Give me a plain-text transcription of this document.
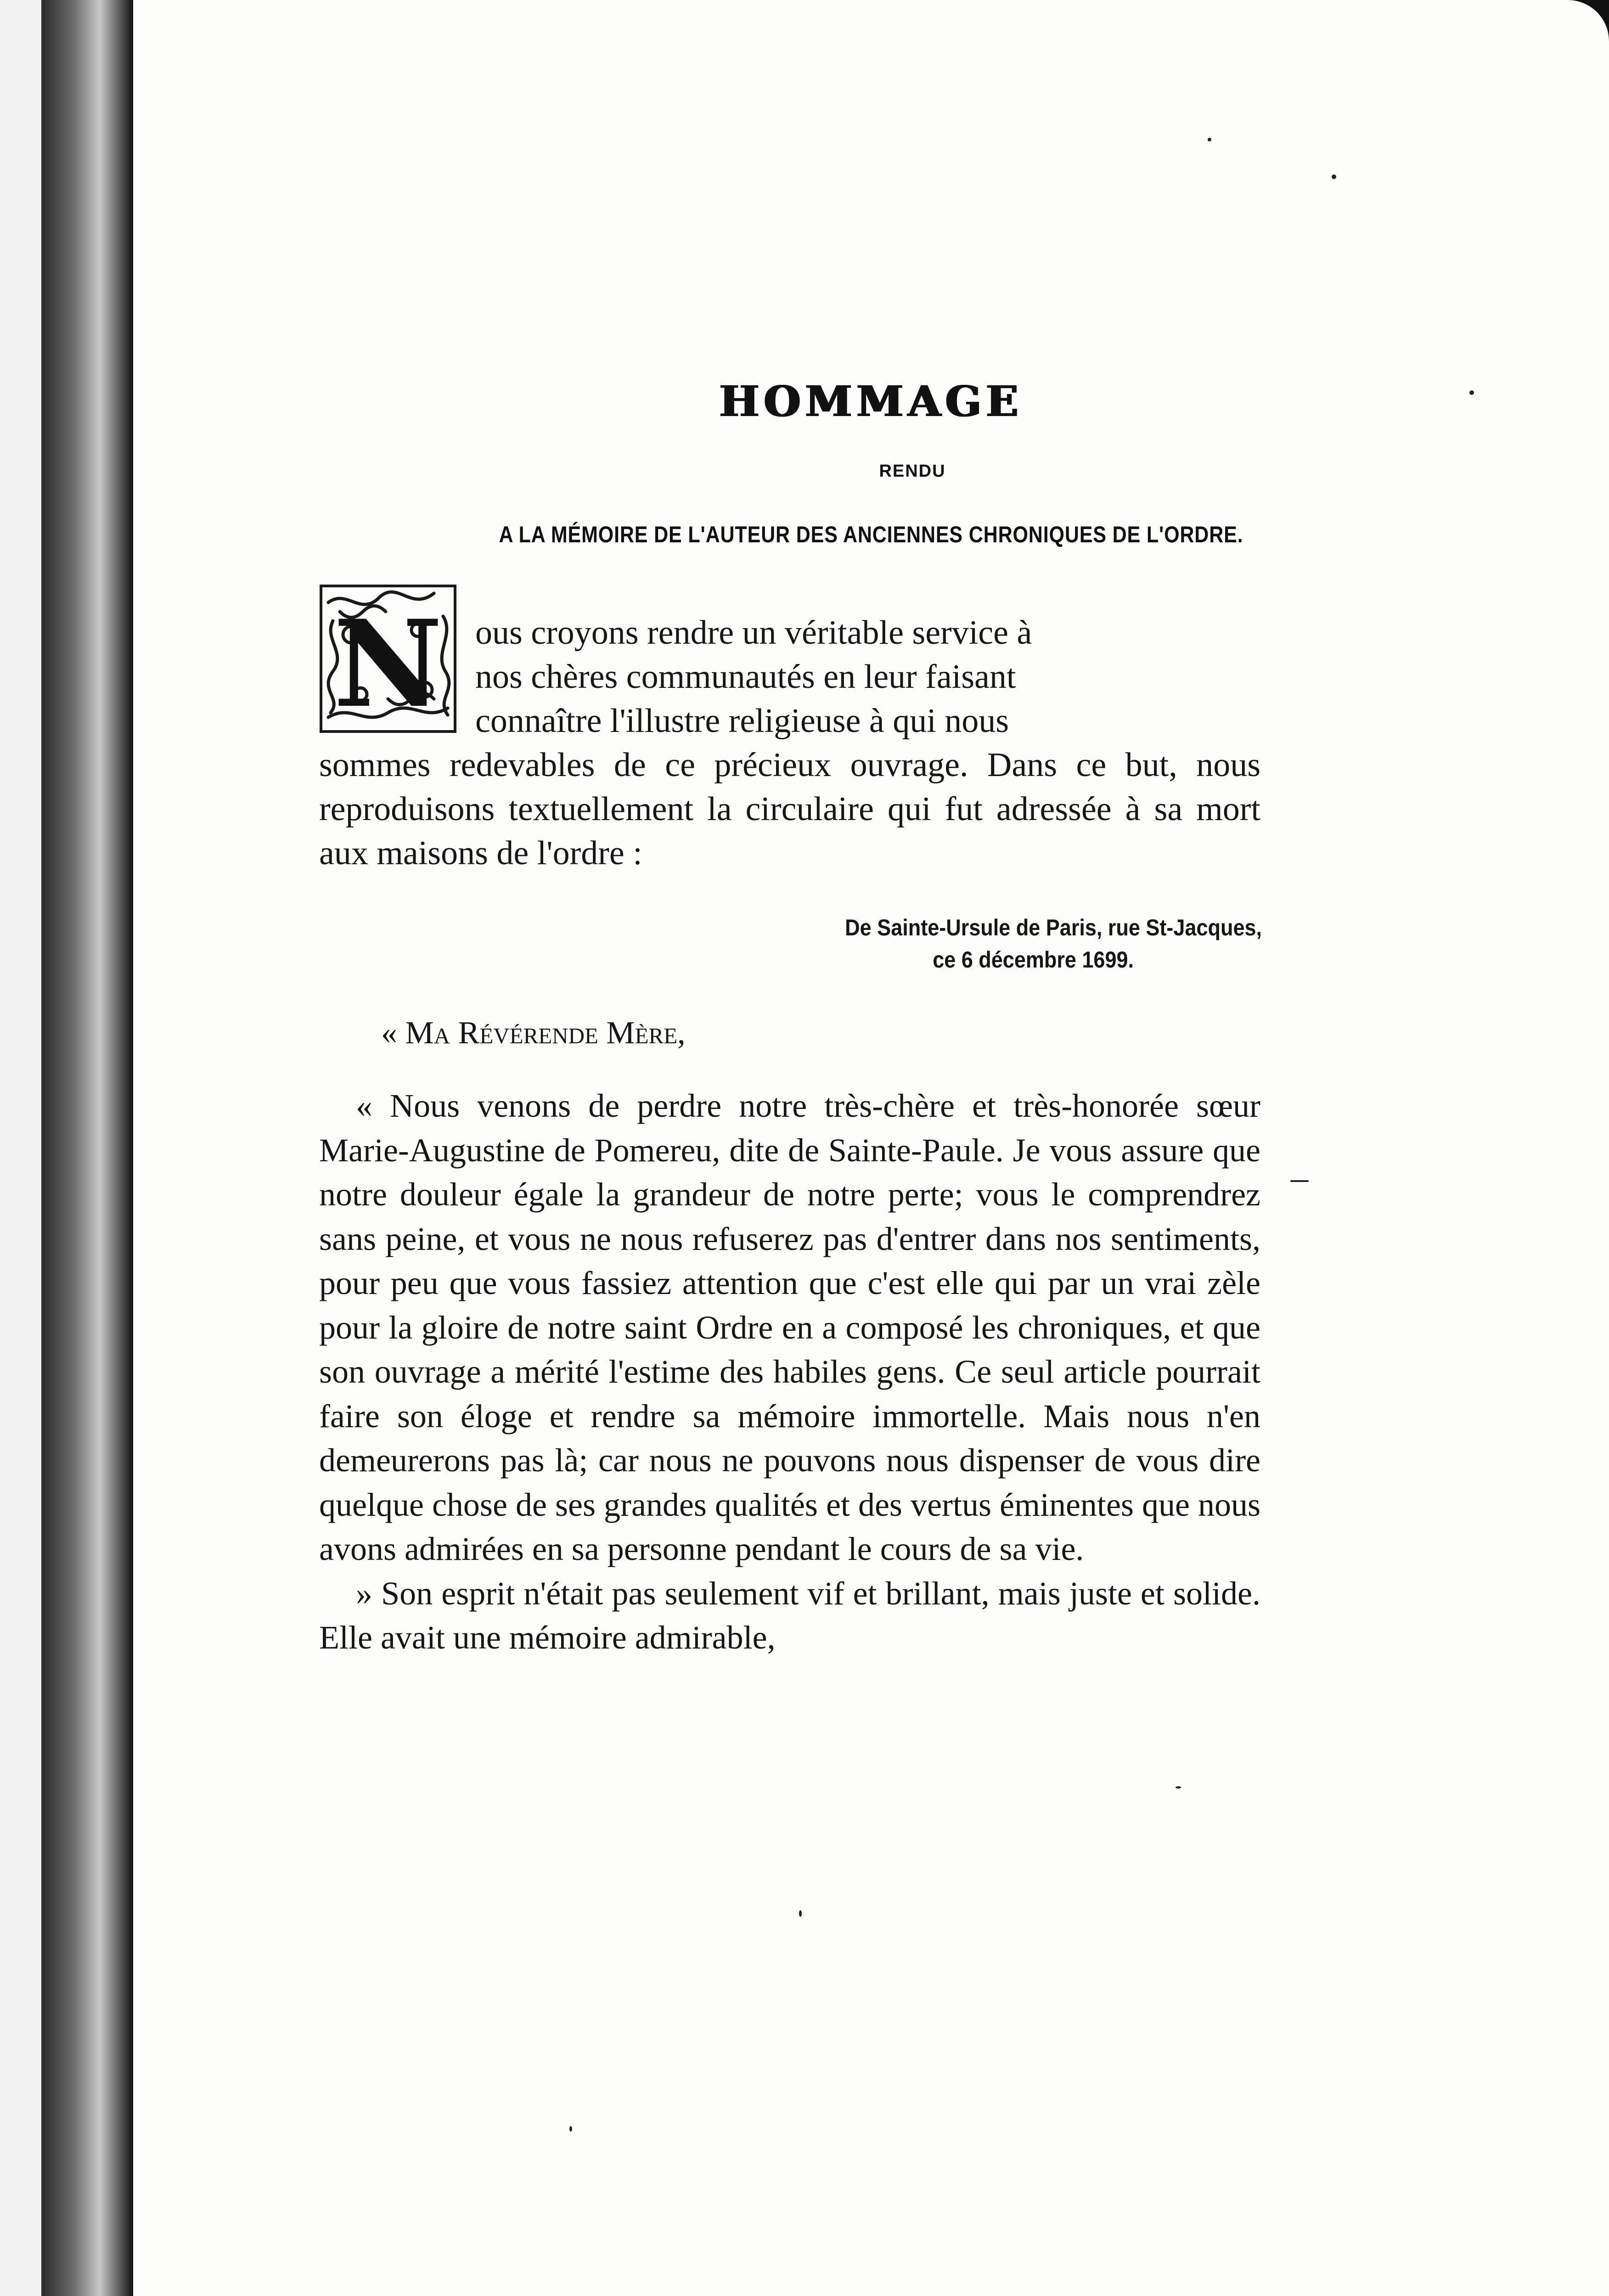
HOMMAGE
RENDU
A LA MÉMOIRE DE L'AUTEUR DES ANCIENNES CHRONIQUES DE L'ORDRE.
N ous croyons rendre un véritable service à
nos chères communautés en leur faisant
connaître l'illustre religieuse à qui nous
sommes redevables de ce précieux ouvrage. Dans ce but, nous reproduisons textuellement la circulaire qui fut adressée à sa mort aux maisons de l'ordre :
De Sainte-Ursule de Paris, rue St-Jacques,
ce 6 décembre 1699.
« Ma Révérende Mère,

« Nous venons de perdre notre très-chère et très-honorée sœur Marie-Augustine de Pomereu, dite de Sainte-Paule. Je vous assure que notre douleur égale la grandeur de notre perte; vous le comprendrez sans peine, et vous ne nous refuserez pas d'entrer dans nos sentiments, pour peu que vous fassiez attention que c'est elle qui par un vrai zèle pour la gloire de notre saint Ordre en a composé les chroniques, et que son ouvrage a mérité l'estime des habiles gens. Ce seul article pourrait faire son éloge et rendre sa mémoire immortelle. Mais nous n'en demeurerons pas là; car nous ne pouvons nous dispenser de vous dire quelque chose de ses grandes qualités et des vertus éminentes que nous avons admirées en sa personne pendant le cours de sa vie.

» Son esprit n'était pas seulement vif et brillant, mais juste et solide. Elle avait une mémoire admirable,
